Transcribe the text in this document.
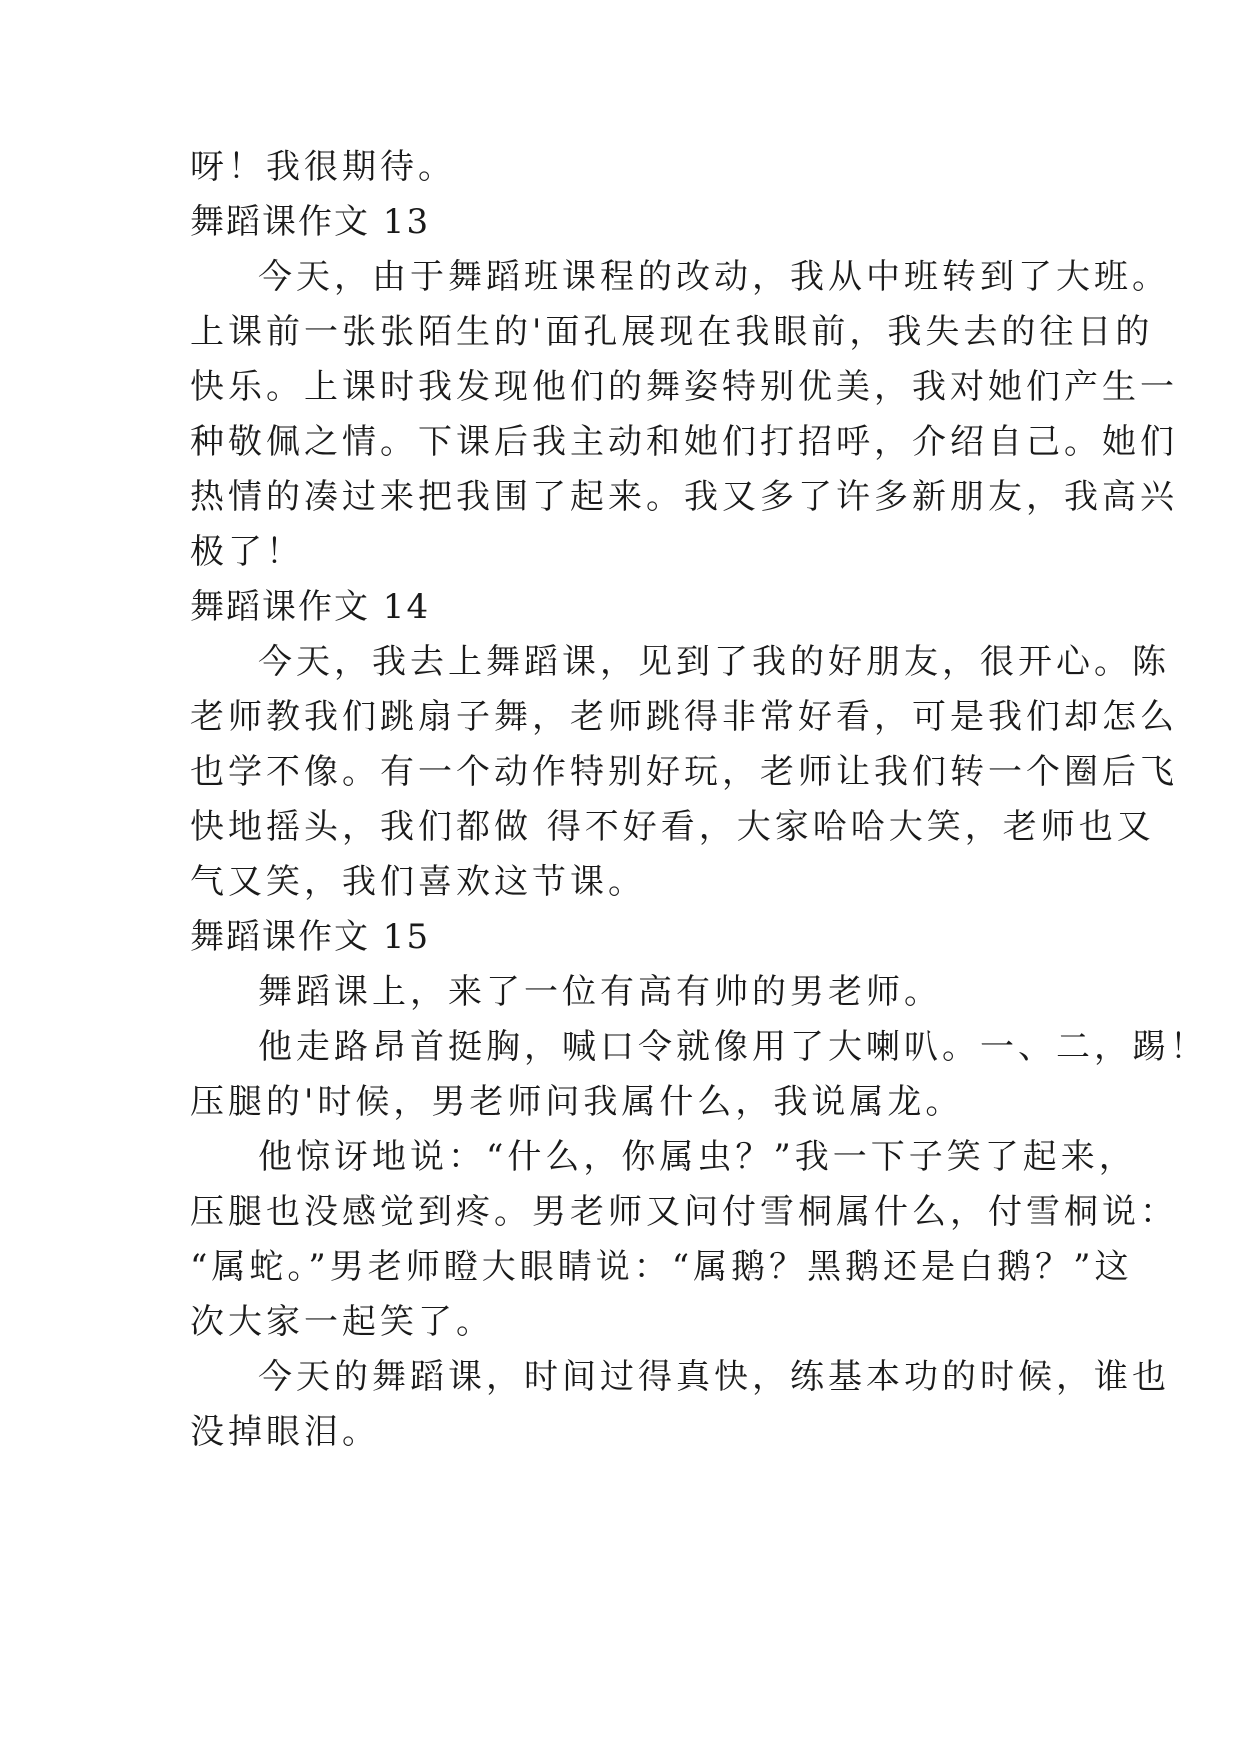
呀！我很期待。
舞蹈课作文 13
今天，由于舞蹈班课程的改动，我从中班转到了大班。
上课前一张张陌生的'面孔展现在我眼前，我失去的往日的
快乐。上课时我发现他们的舞姿特别优美，我对她们产生一
种敬佩之情。下课后我主动和她们打招呼，介绍自己。她们
热情的凑过来把我围了起来。我又多了许多新朋友，我高兴
极了！
舞蹈课作文 14
今天，我去上舞蹈课，见到了我的好朋友，很开心。陈
老师教我们跳扇子舞，老师跳得非常好看，可是我们却怎么
也学不像。有一个动作特别好玩，老师让我们转一个圈后飞
快地摇头，我们都做 得不好看，大家哈哈大笑，老师也又
气又笑，我们喜欢这节课。
舞蹈课作文 15
舞蹈课上，来了一位有高有帅的男老师。
他走路昂首挺胸，喊口令就像用了大喇叭。一、二，踢！
压腿的'时候，男老师问我属什么，我说属龙。
他惊讶地说：“什么，你属虫？”我一下子笑了起来，
压腿也没感觉到疼。男老师又问付雪桐属什么，付雪桐说：
“属蛇。”男老师瞪大眼睛说：“属鹅？黑鹅还是白鹅？”这
次大家一起笑了。
今天的舞蹈课，时间过得真快，练基本功的时候，谁也
没掉眼泪。
